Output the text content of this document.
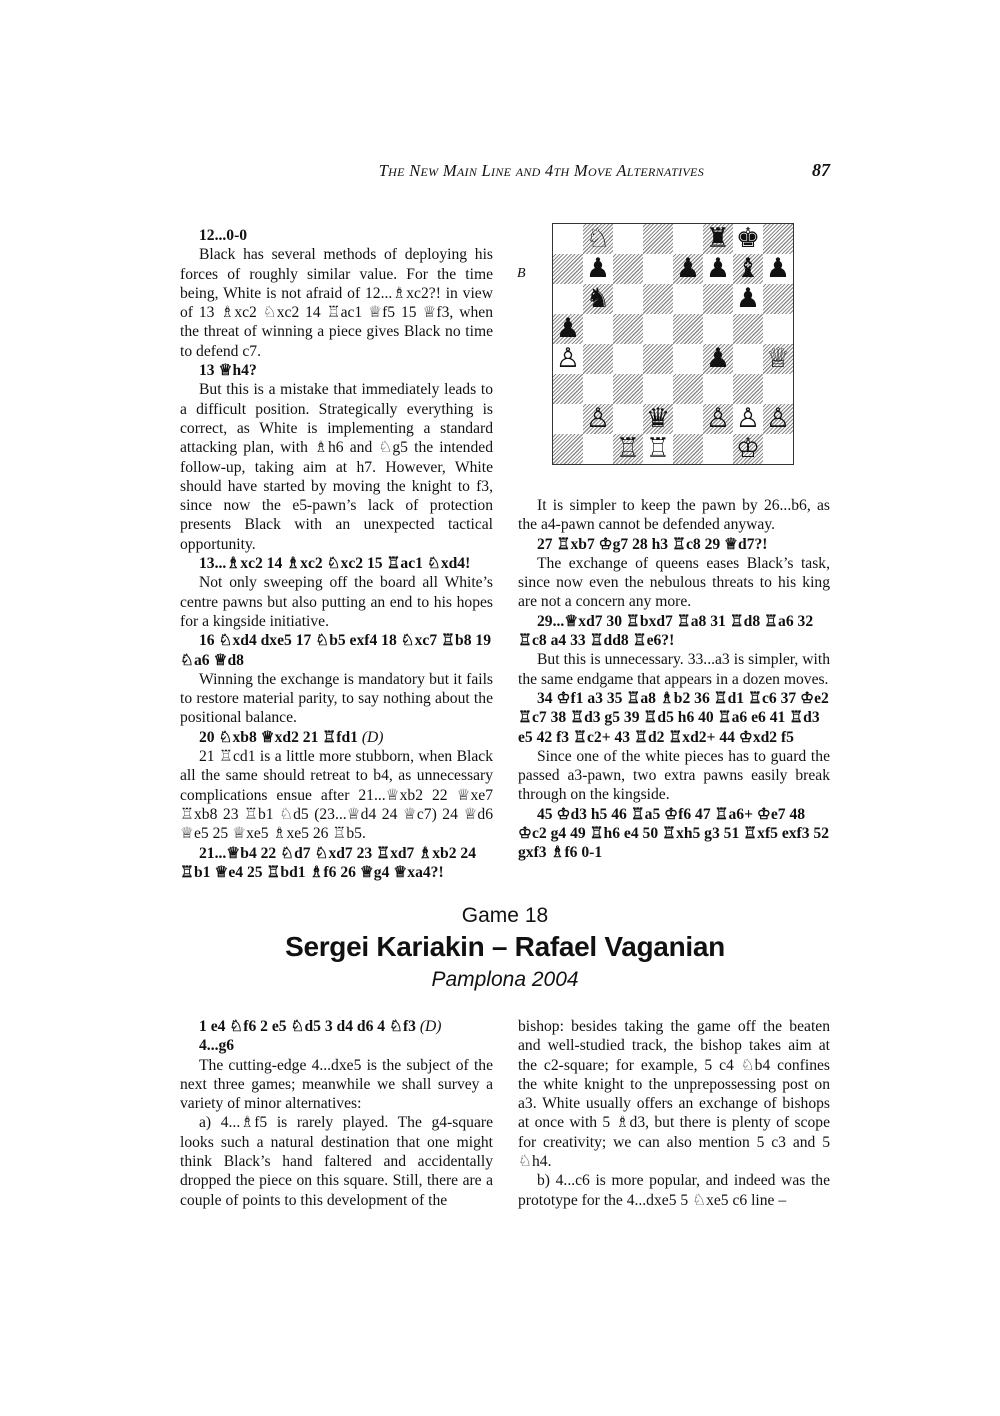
The New Main Line and 4th Move Alternatives	87

12...0-0

Black has several methods of deploying his forces of roughly similar value. For the time being, White is not afraid of 12...♗xc2?! in view of 13 ♗xc2 ♘xc2 14 ♖ac1 ♕f5 15 ♕f3, when the threat of winning a piece gives Black no time to defend c7.

13 ♕h4?

But this is a mistake that immediately leads to a difficult position. Strategically everything is correct, as White is implementing a standard attacking plan, with ♗h6 and ♘g5 the intended follow-up, taking aim at h7. However, White should have started by moving the knight to f3, since now the e5-pawn’s lack of protection presents Black with an unexpected tactical opportunity.

13...♗xc2 14 ♗xc2 ♘xc2 15 ♖ac1 ♘xd4!

Not only sweeping off the board all White’s centre pawns but also putting an end to his hopes for a kingside initiative.

16 ♘xd4 dxe5 17 ♘b5 exf4 18 ♘xc7 ♖b8 19 ♘a6 ♕d8

Winning the exchange is mandatory but it fails to restore material parity, to say nothing about the positional balance.

20 ♘xb8 ♕xd2 21 ♖fd1 (D)

21 ♖cd1 is a little more stubborn, when Black all the same should retreat to b4, as unnecessary complications ensue after 21...♕xb2 22 ♕xe7 ♖xb8 23 ♖b1 ♘d5 (23...♕d4 24 ♕c7) 24 ♕d6 ♕e5 25 ♕xe5 ♗xe5 26 ♖b5.

21...♕b4 22 ♘d7 ♘xd7 23 ♖xd7 ♗xb2 24 ♖b1 ♕e4 25 ♖bd1 ♗f6 26 ♕g4 ♕xa4?!

B
♘	♜ ♚
♟ ♟ ♟ ♝ ♟
♞	♟
♟
♙	♟ ♕
♙ ♛ ♙ ♙ ♙
♖ ♖ ♔

It is simpler to keep the pawn by 26...b6, as the a4-pawn cannot be defended anyway.

27 ♖xb7 ♔g7 28 h3 ♖c8 29 ♕d7?!

The exchange of queens eases Black’s task, since now even the nebulous threats to his king are not a concern any more.

29...♕xd7 30 ♖bxd7 ♖a8 31 ♖d8 ♖a6 32 ♖c8 a4 33 ♖dd8 ♖e6?!

But this is unnecessary. 33...a3 is simpler, with the same endgame that appears in a dozen moves.

34 ♔f1 a3 35 ♖a8 ♗b2 36 ♖d1 ♖c6 37 ♔e2 ♖c7 38 ♖d3 g5 39 ♖d5 h6 40 ♖a6 e6 41 ♖d3 e5 42 f3 ♖c2+ 43 ♖d2 ♖xd2+ 44 ♔xd2 f5

Since one of the white pieces has to guard the passed a3-pawn, two extra pawns easily break through on the kingside.

45 ♔d3 h5 46 ♖a5 ♔f6 47 ♖a6+ ♔e7 48 ♔c2 g4 49 ♖h6 e4 50 ♖xh5 g3 51 ♖xf5 exf3 52 gxf3 ♗f6 0-1

Game 18
Sergei Kariakin – Rafael Vaganian
Pamplona 2004

1 e4 ♘f6 2 e5 ♘d5 3 d4 d6 4 ♘f3 (D)

4...g6

The cutting-edge 4...dxe5 is the subject of the next three games; meanwhile we shall survey a variety of minor alternatives:

a) 4...♗f5 is rarely played. The g4-square looks such a natural destination that one might think Black’s hand faltered and accidentally dropped the piece on this square. Still, there are a couple of points to this development of the

bishop: besides taking the game off the beaten and well-studied track, the bishop takes aim at the c2-square; for example, 5 c4 ♘b4 confines the white knight to the unprepossessing post on a3. White usually offers an exchange of bishops at once with 5 ♗d3, but there is plenty of scope for creativity; we can also mention 5 c3 and 5 ♘h4.

b) 4...c6 is more popular, and indeed was the prototype for the 4...dxe5 5 ♘xe5 c6 line –
